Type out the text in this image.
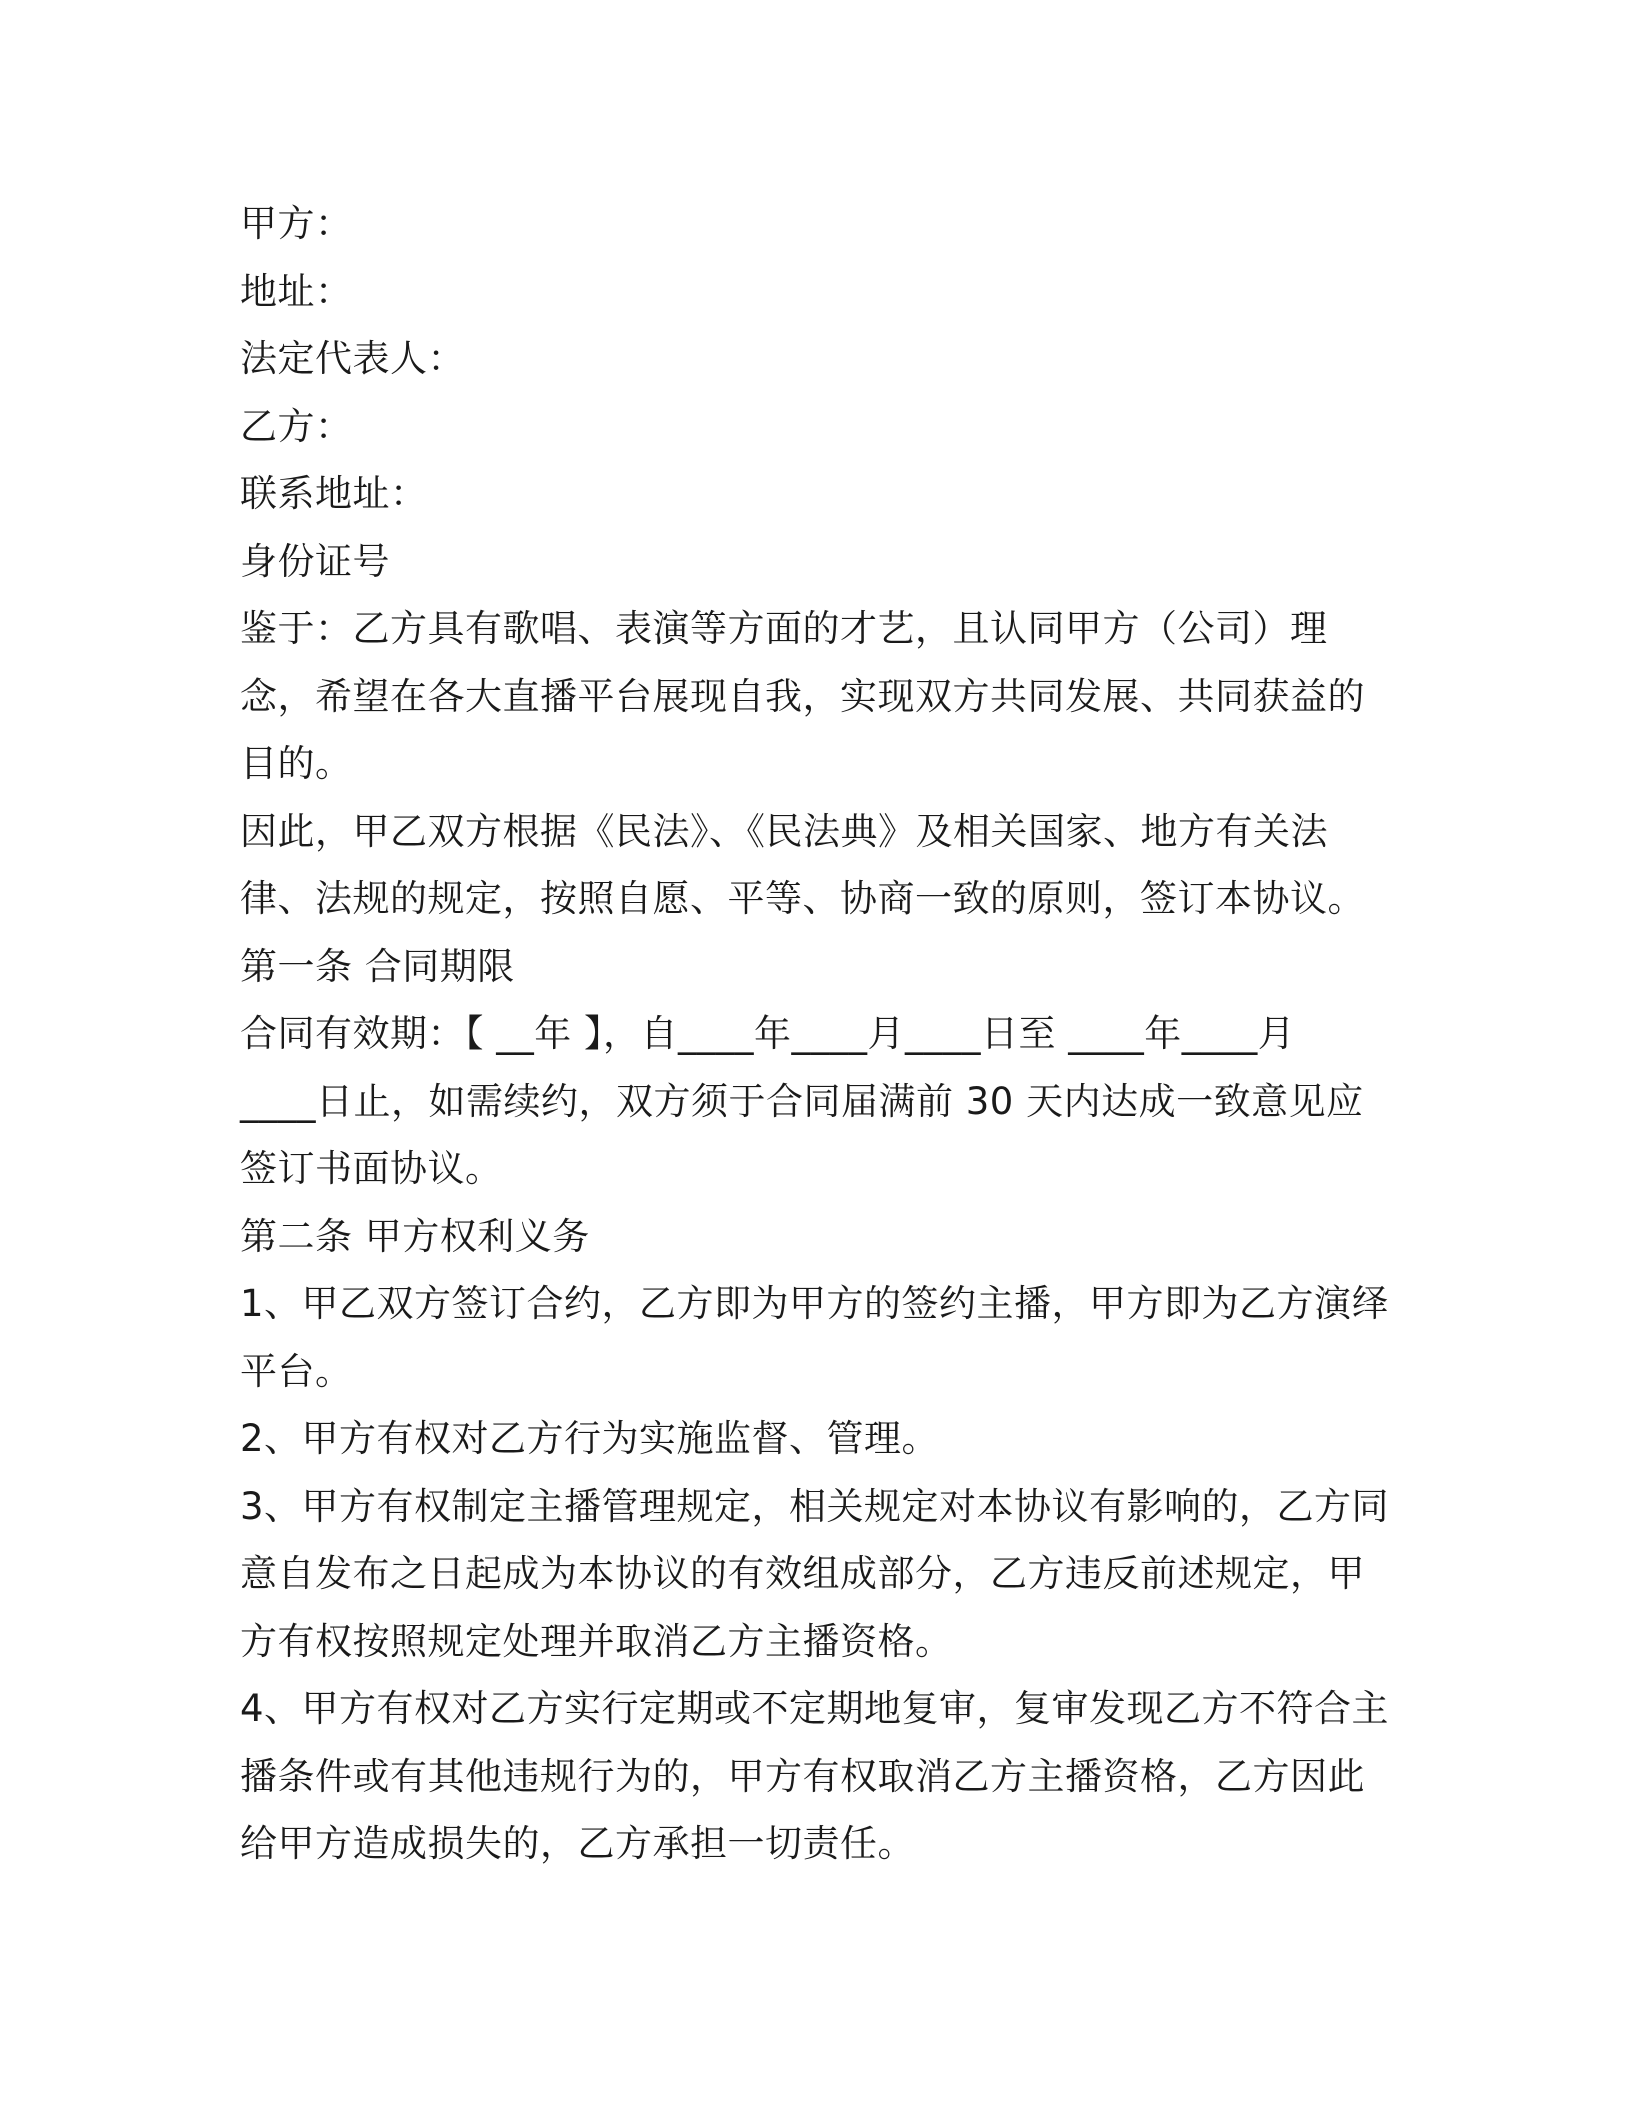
甲方：
地址：
法定代表人：
乙方：
联系地址：
身份证号
鉴于：乙方具有歌唱、表演等方面的才艺，且认同甲方（公司）理
念，希望在各大直播平台展现自我，实现双方共同发展、共同获益的
目的。
因此，甲乙双方根据《民法》、《民法典》及相关国家、地方有关法
律、法规的规定，按照自愿、平等、协商一致的原则，签订本协议。
第一条 合同期限
合同有效期：【 __年 】，自____年____月____日至 ____年____月
____日止，如需续约，双方须于合同届满前 30 天内达成一致意见应
签订书面协议。
第二条 甲方权利义务
1、甲乙双方签订合约，乙方即为甲方的签约主播，甲方即为乙方演绎
平台。
2、甲方有权对乙方行为实施监督、管理。
3、甲方有权制定主播管理规定，相关规定对本协议有影响的，乙方同
意自发布之日起成为本协议的有效组成部分，乙方违反前述规定，甲
方有权按照规定处理并取消乙方主播资格。
4、甲方有权对乙方实行定期或不定期地复审，复审发现乙方不符合主
播条件或有其他违规行为的，甲方有权取消乙方主播资格，乙方因此
给甲方造成损失的，乙方承担一切责任。
